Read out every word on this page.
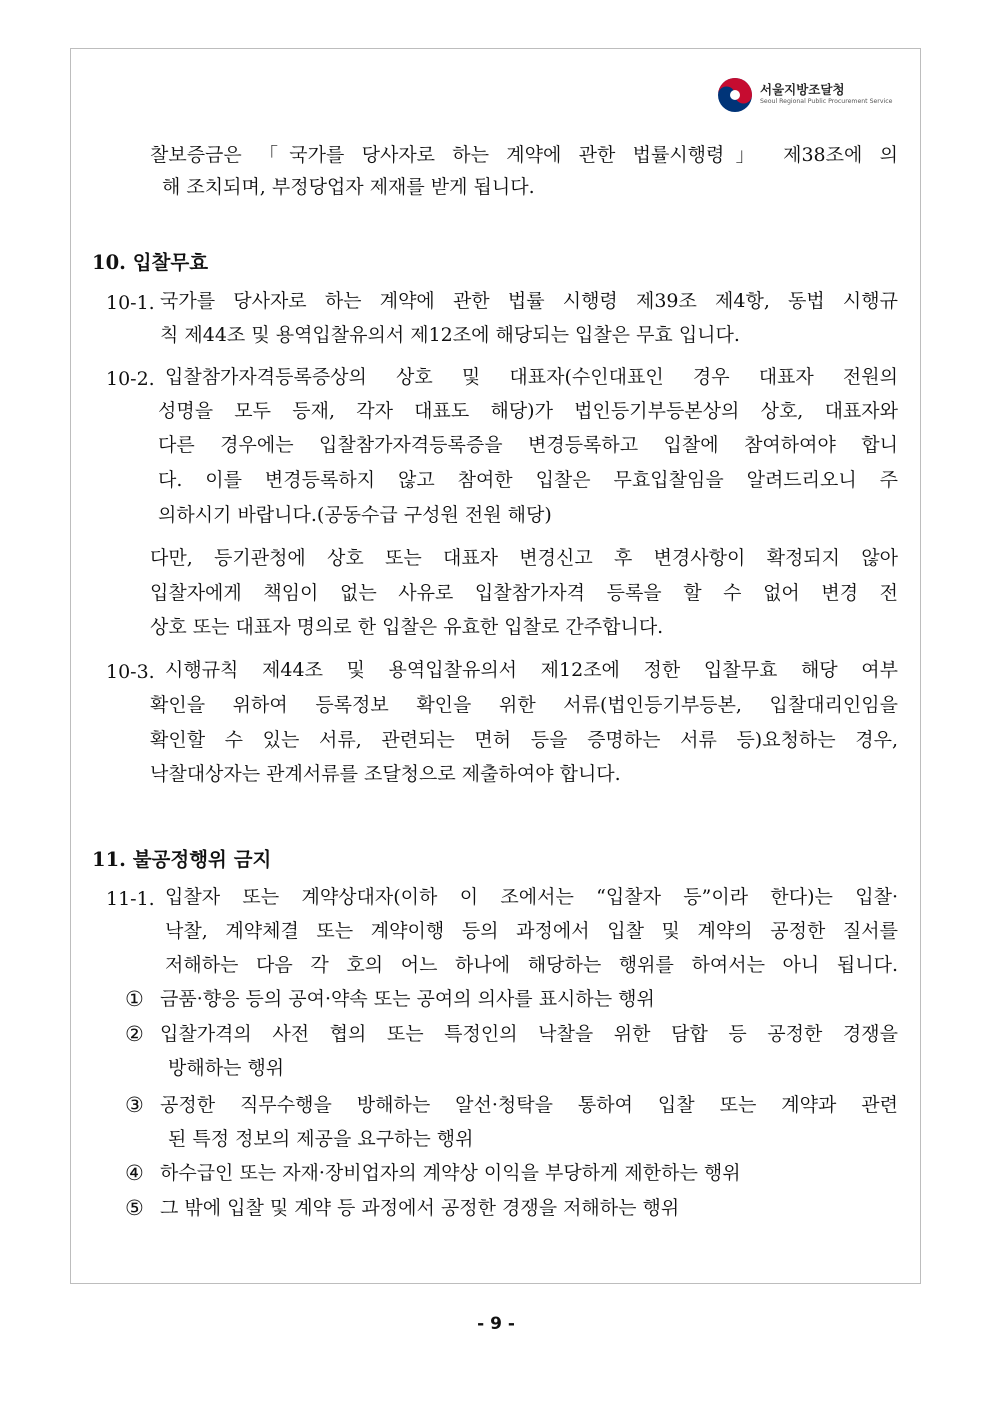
서울지방조달청
Seoul Regional Public Procurement Service
찰보증금은 「국가를 당사자로 하는 계약에 관한 법률시행령」 제38조에 의
해 조치되며, 부정당업자 제재를 받게 됩니다.
10. 입찰무효
10-1. 국가를 당사자로 하는 계약에 관한 법률 시행령 제39조 제4항, 동법 시행규
칙 제44조 및 용역입찰유의서 제12조에 해당되는 입찰은 무효 입니다.
10-2. 입찰참가자격등록증상의 상호 및 대표자(수인대표인 경우 대표자 전원의
성명을 모두 등재, 각자 대표도 해당)가 법인등기부등본상의 상호, 대표자와
다른 경우에는 입찰참가자격등록증을 변경등록하고 입찰에 참여하여야 합니
다. 이를 변경등록하지 않고 참여한 입찰은 무효입찰임을 알려드리오니 주
의하시기 바랍니다.(공동수급 구성원 전원 해당)
다만, 등기관청에 상호 또는 대표자 변경신고 후 변경사항이 확정되지 않아
입찰자에게 책임이 없는 사유로 입찰참가자격 등록을 할 수 없어 변경 전
상호 또는 대표자 명의로 한 입찰은 유효한 입찰로 간주합니다.
10-3. 시행규칙 제44조 및 용역입찰유의서 제12조에 정한 입찰무효 해당 여부
확인을 위하여 등록정보 확인을 위한 서류(법인등기부등본, 입찰대리인임을
확인할 수 있는 서류, 관련되는 면허 등을 증명하는 서류 등)요청하는 경우,
낙찰대상자는 관계서류를 조달청으로 제출하여야 합니다.
11. 불공정행위 금지
11-1. 입찰자 또는 계약상대자(이하 이 조에서는 “입찰자 등”이라 한다)는 입찰·
낙찰, 계약체결 또는 계약이행 등의 과정에서 입찰 및 계약의 공정한 질서를
저해하는 다음 각 호의 어느 하나에 해당하는 행위를 하여서는 아니 됩니다.
① 금품·향응 등의 공여·약속 또는 공여의 의사를 표시하는 행위
② 입찰가격의 사전 협의 또는 특정인의 낙찰을 위한 담합 등 공정한 경쟁을
방해하는 행위
③ 공정한 직무수행을 방해하는 알선·청탁을 통하여 입찰 또는 계약과 관련
된 특정 정보의 제공을 요구하는 행위
④ 하수급인 또는 자재·장비업자의 계약상 이익을 부당하게 제한하는 행위
⑤ 그 밖에 입찰 및 계약 등 과정에서 공정한 경쟁을 저해하는 행위
- 9 -
